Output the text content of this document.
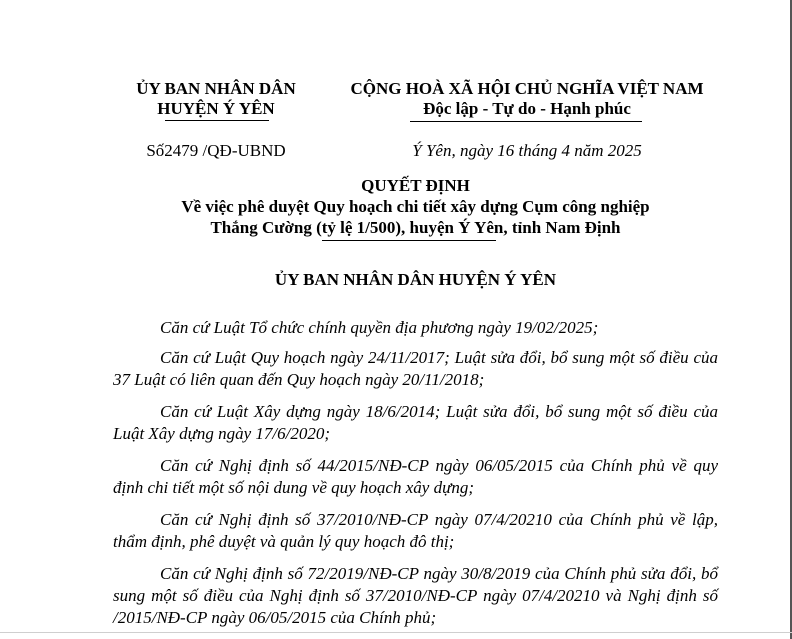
ỦY BAN NHÂN DÂN
HUYỆN Ý YÊN
CỘNG HOÀ XÃ HỘI CHỦ NGHĨA VIỆT NAM
Độc lập - Tự do - Hạnh phúc
Số2479 /QĐ-UBND	Ý Yên, ngày 16 tháng 4 năm 2025
QUYẾT ĐỊNH
Về việc phê duyệt Quy hoạch chi tiết xây dựng Cụm công nghiệp
Thắng Cường (tỷ lệ 1/500), huyện Ý Yên, tỉnh Nam Định
ỦY BAN NHÂN DÂN HUYỆN Ý YÊN
Căn cứ Luật Tổ chức chính quyền địa phương ngày 19/02/2025;
Căn cứ Luật Quy hoạch ngày 24/11/2017; Luật sửa đổi, bổ sung một số điều của 37 Luật có liên quan đến Quy hoạch ngày 20/11/2018;
Căn cứ Luật Xây dựng ngày 18/6/2014; Luật sửa đổi, bổ sung một số điều của Luật Xây dựng ngày 17/6/2020;
Căn cứ Nghị định số 44/2015/NĐ-CP ngày 06/05/2015 của Chính phủ về quy định chi tiết một số nội dung về quy hoạch xây dựng;
Căn cứ Nghị định số 37/2010/NĐ-CP ngày 07/4/20210 của Chính phủ về lập, thẩm định, phê duyệt và quản lý quy hoạch đô thị;
Căn cứ Nghị định số 72/2019/NĐ-CP ngày 30/8/2019 của Chính phủ sửa đổi, bổ sung một số điều của Nghị định số 37/2010/NĐ-CP ngày 07/4/20210 và Nghị định số /2015/NĐ-CP ngày 06/05/2015 của Chính phủ;
